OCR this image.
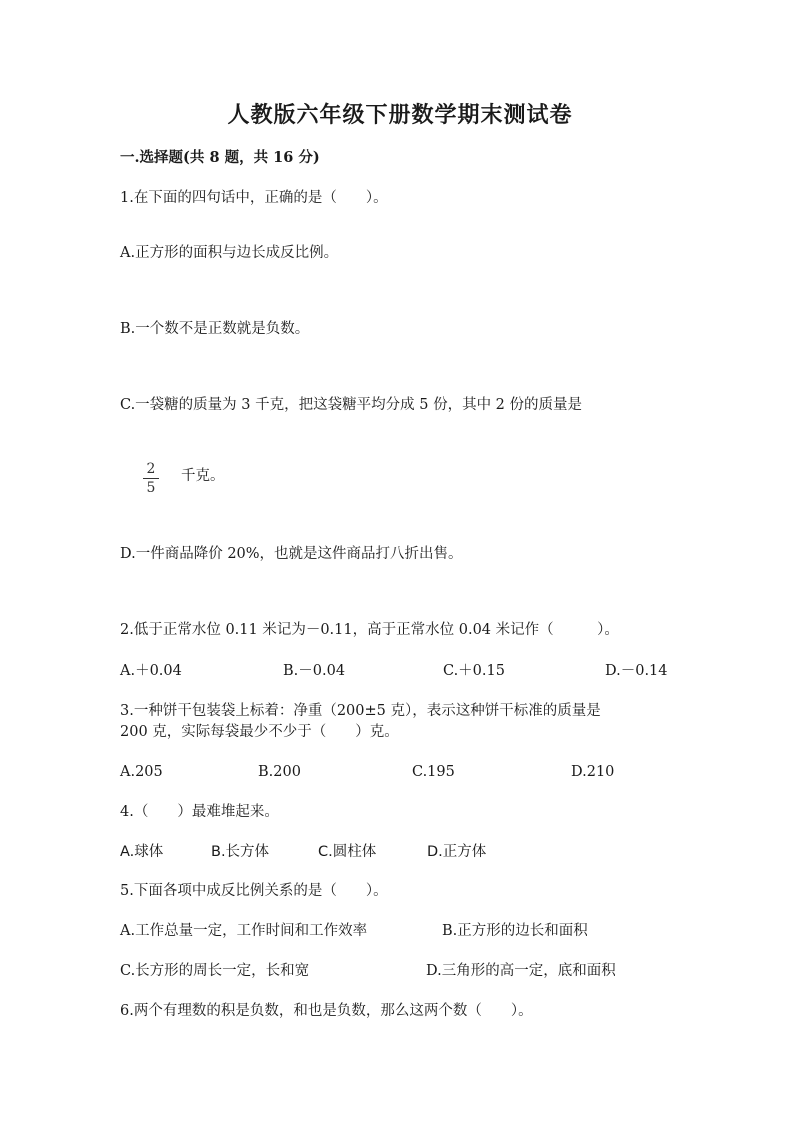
人教版六年级下册数学期末测试卷
一.选择题(共 8 题，共 16 分)
1.在下面的四句话中，正确的是（　　）。
A.正方形的面积与边长成反比例。
B.一个数不是正数就是负数。
C.一袋糖的质量为 3 千克，把这袋糖平均分成 5 份，其中 2 份的质量是
2
5
千克。
D.一件商品降价 20%，也就是这件商品打八折出售。
2.低于正常水位 0.11 米记为－0.11，高于正常水位 0.04 米记作（　　　）。
A.＋0.04	B.－0.04	C.＋0.15	D.－0.14
3.一种饼干包装袋上标着：净重（200±5 克），表示这种饼干标准的质量是
200 克，实际每袋最少不少于（　　）克。
A.205	B.200	C.195	D.210
4.（　　）最难堆起来。
A.球体	B.长方体	C.圆柱体	D.正方体
5.下面各项中成反比例关系的是（　　）。
A.工作总量一定，工作时间和工作效率	B.正方形的边长和面积
C.长方形的周长一定，长和宽	D.三角形的高一定，底和面积
6.两个有理数的积是负数，和也是负数，那么这两个数（　　）。
